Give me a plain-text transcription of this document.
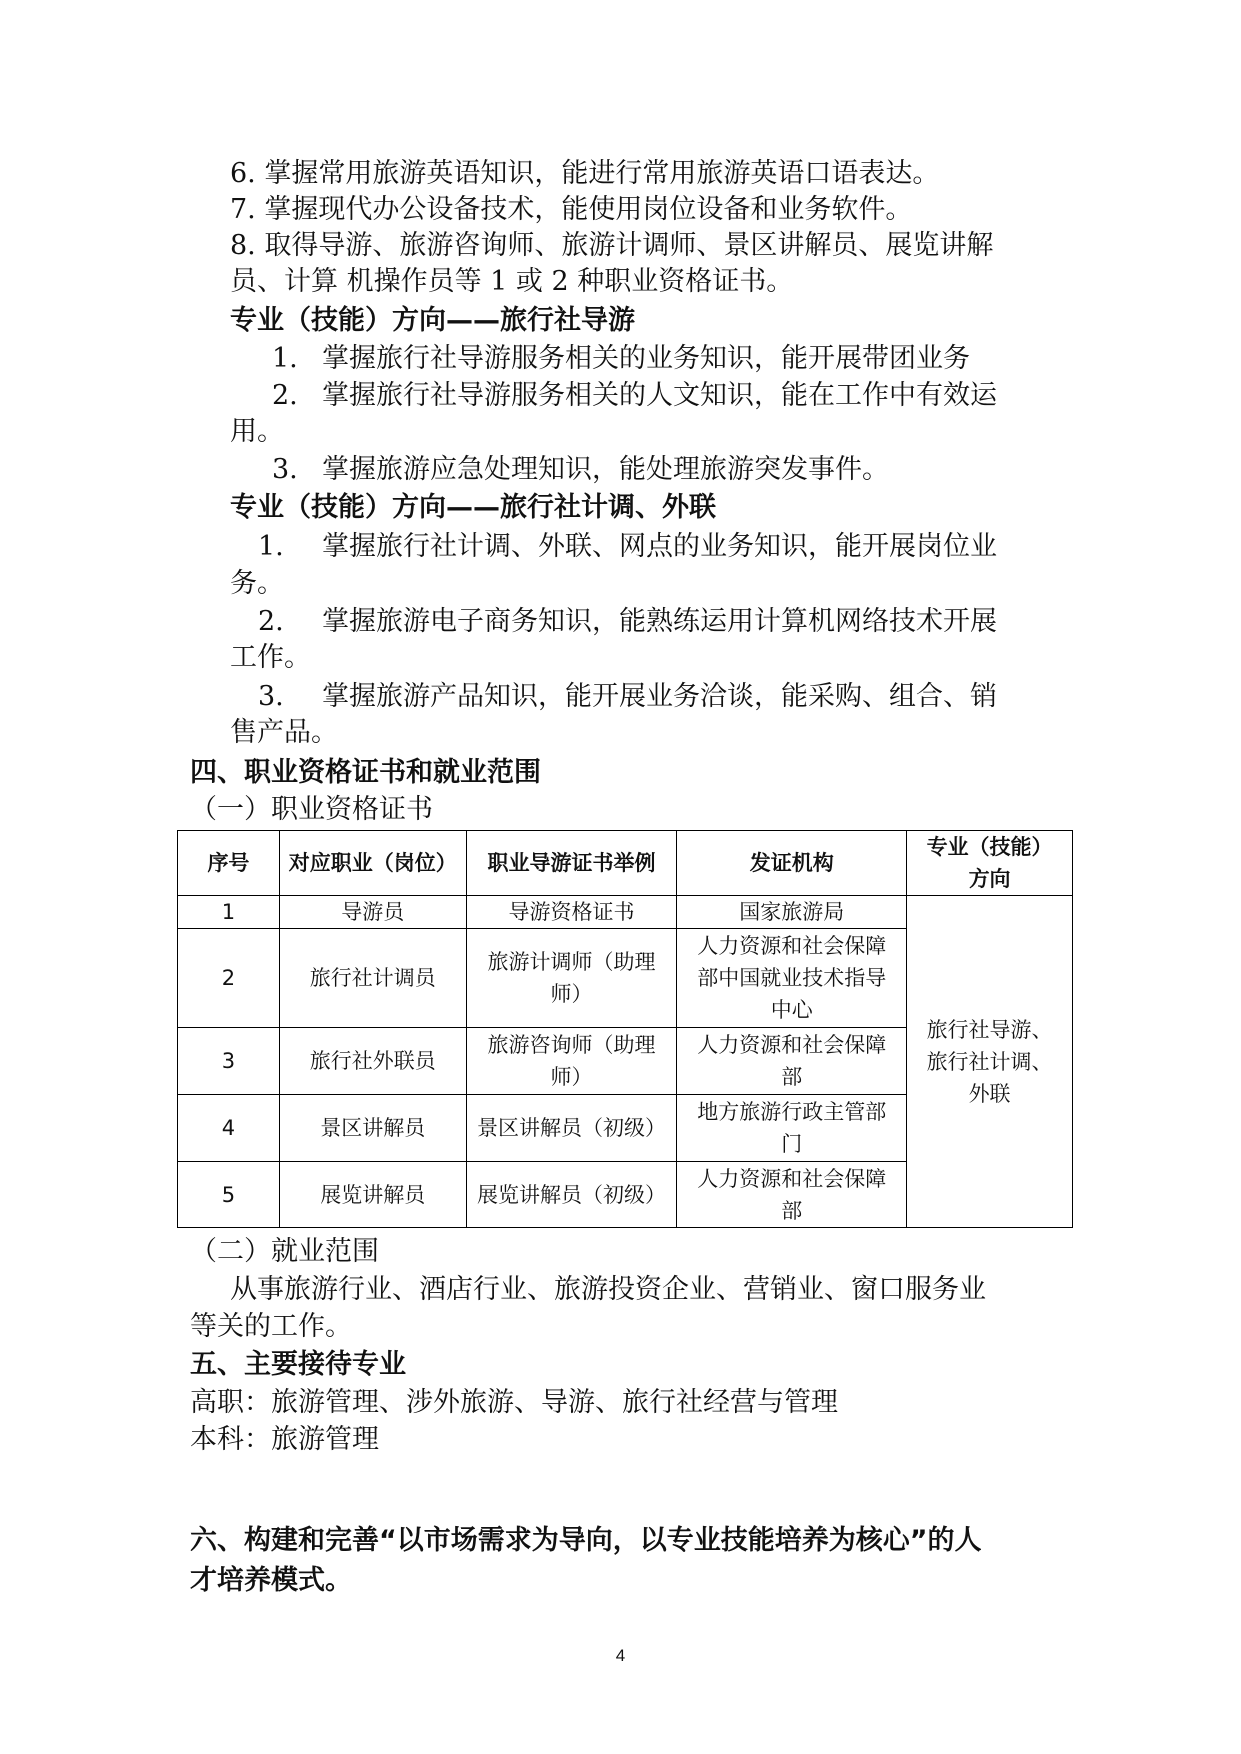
6. 掌握常用旅游英语知识，能进行常用旅游英语口语表达。
7. 掌握现代办公设备技术，能使用岗位设备和业务软件。
8. 取得导游、旅游咨询师、旅游计调师、景区讲解员、展览讲解
员、计算 机操作员等 1 或 2 种职业资格证书。
专业（技能）方向——旅行社导游
1. 掌握旅行社导游服务相关的业务知识，能开展带团业务
2. 掌握旅行社导游服务相关的人文知识，能在工作中有效运
用。
3. 掌握旅游应急处理知识，能处理旅游突发事件。
专业（技能）方向——旅行社计调、外联
1. 掌握旅行社计调、外联、网点的业务知识，能开展岗位业
务。
2. 掌握旅游电子商务知识，能熟练运用计算机网络技术开展
工作。
3. 掌握旅游产品知识，能开展业务洽谈，能采购、组合、销
售产品。
四、职业资格证书和就业范围
（一）职业资格证书
序号	对应职业（岗位）	职业导游证书举例	发证机构	专业（技能）方向
1	导游员	导游资格证书	国家旅游局	旅行社导游、旅行社计调、外联
2	旅行社计调员	旅游计调师（助理师）	人力资源和社会保障部中国就业技术指导中心	
3	旅行社外联员	旅游咨询师（助理师）	人力资源和社会保障部	
4	景区讲解员	景区讲解员（初级）	地方旅游行政主管部门	
5	展览讲解员	展览讲解员（初级）	人力资源和社会保障部	
（二）就业范围
从事旅游行业、酒店行业、旅游投资企业、营销业、窗口服务业
等关的工作。
五、主要接待专业
高职：旅游管理、涉外旅游、导游、旅行社经营与管理
本科：旅游管理
六、构建和完善“以市场需求为导向，以专业技能培养为核心”的人
才培养模式。
4
